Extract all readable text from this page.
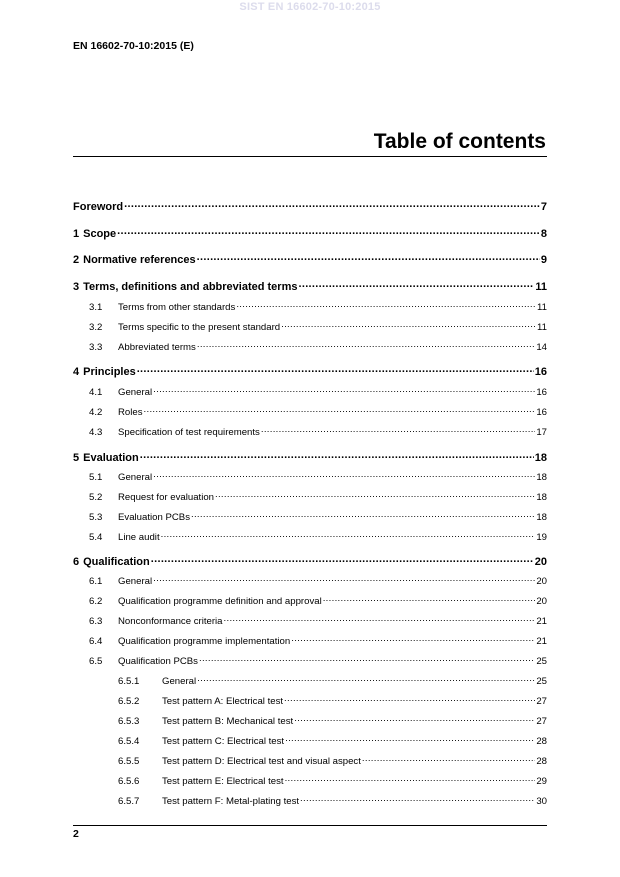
SIST EN 16602-70-10:2015
EN 16602-70-10:2015 (E)
Table of contents
Foreword .....	7
1 Scope .....	8
2 Normative references .....	9
3 Terms, definitions and abbreviated terms .....	11
3.1	Terms from other standards .....	11
3.2	Terms specific to the present standard .....	11
3.3	Abbreviated terms .....	14
4 Principles .....	16
4.1	General .....	16
4.2	Roles .....	16
4.3	Specification of test requirements .....	17
5 Evaluation .....	18
5.1	General .....	18
5.2	Request for evaluation .....	18
5.3	Evaluation PCBs .....	18
5.4	Line audit .....	19
6 Qualification .....	20
6.1	General .....	20
6.2	Qualification programme definition and approval .....	20
6.3	Nonconformance criteria .....	21
6.4	Qualification programme implementation .....	21
6.5	Qualification PCBs .....	25
6.5.1	General .....	25
6.5.2	Test pattern A: Electrical test .....	27
6.5.3	Test pattern B: Mechanical test .....	27
6.5.4	Test pattern C: Electrical test .....	28
6.5.5	Test pattern D: Electrical test and visual aspect .....	28
6.5.6	Test pattern E: Electrical test .....	29
6.5.7	Test pattern F: Metal-plating test .....	30
2
